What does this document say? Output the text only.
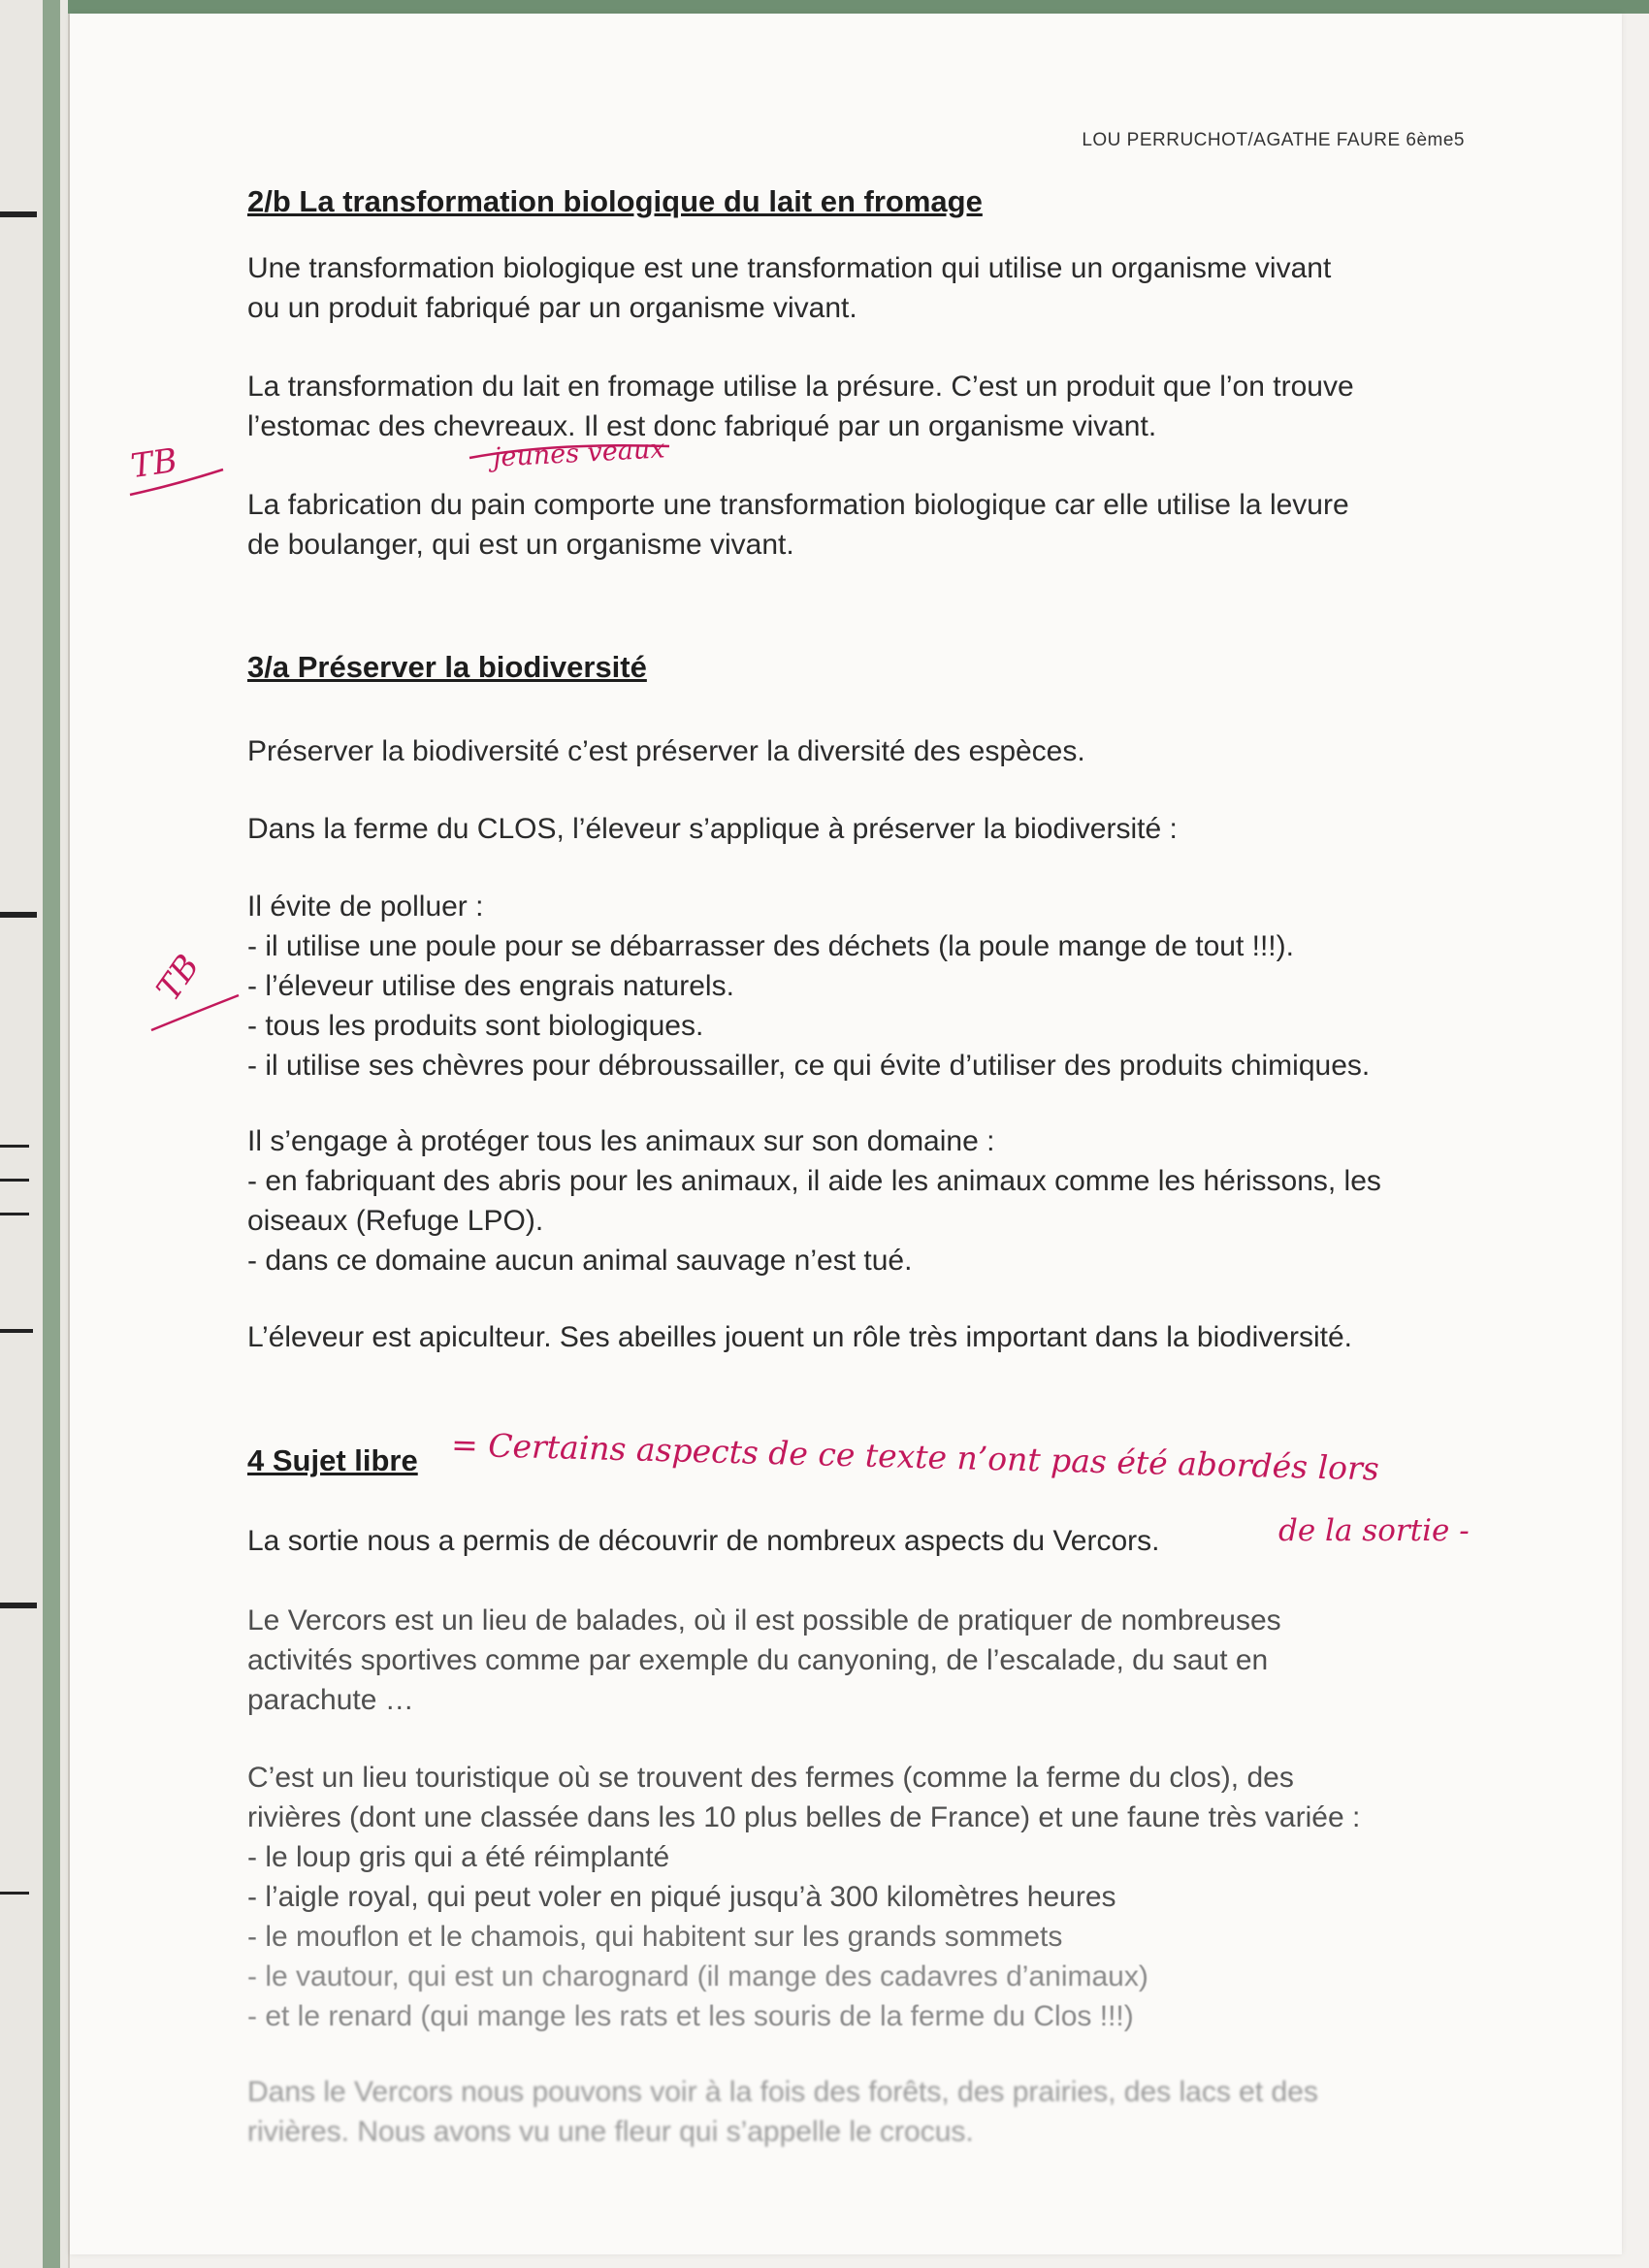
LOU PERRUCHOT/AGATHE FAURE 6ème5
2/b La transformation biologique du lait en fromage
Une transformation biologique est une transformation qui utilise un organisme vivant
ou un produit fabriqué par un organisme vivant.
La transformation du lait en fromage utilise la présure. C’est un produit que l’on trouve
l’estomac des chevreaux. Il est donc fabriqué par un organisme vivant.
La fabrication du pain comporte une transformation biologique car elle utilise la levure
de boulanger, qui est un organisme vivant.
3/a Préserver la biodiversité
Préserver la biodiversité c’est préserver la diversité des espèces.
Dans la ferme du CLOS, l’éleveur s’applique à préserver la biodiversité :
Il évite de polluer :
- il utilise une poule pour se débarrasser des déchets (la poule mange de tout !!!).
- l’éleveur utilise des engrais naturels.
- tous les produits sont biologiques.
- il utilise ses chèvres pour débroussailler, ce qui évite d’utiliser des produits chimiques.
Il s’engage à protéger tous les animaux sur son domaine :
- en fabriquant des abris pour les animaux, il aide les animaux comme les hérissons, les
oiseaux (Refuge LPO).
- dans ce domaine aucun animal sauvage n’est tué.
L’éleveur est apiculteur. Ses abeilles jouent un rôle très important dans la biodiversité.
4 Sujet libre
La sortie nous a permis de découvrir de nombreux aspects du Vercors.
Le Vercors est un lieu de balades, où il est possible de pratiquer de nombreuses
activités sportives comme par exemple du canyoning, de l’escalade, du saut en
parachute …
C’est un lieu touristique où se trouvent des fermes (comme la ferme du clos), des
rivières (dont une classée dans les 10 plus belles de France) et une faune très variée :
- le loup gris qui a été réimplanté
- l’aigle royal, qui peut voler en piqué jusqu’à 300 kilomètres heures
- le mouflon et le chamois, qui habitent sur les grands sommets
- le vautour, qui est un charognard (il mange des cadavres d’animaux)
- et le renard (qui mange les rats et les souris de la ferme du Clos !!!)
Dans le Vercors nous pouvons voir à la fois des forêts, des prairies, des lacs et des
rivières. Nous avons vu une fleur qui s’appelle le crocus.
TB
TB
jeunes veaux
= Certains aspects de ce texte n’ont pas été abordés lors
de la sortie -
